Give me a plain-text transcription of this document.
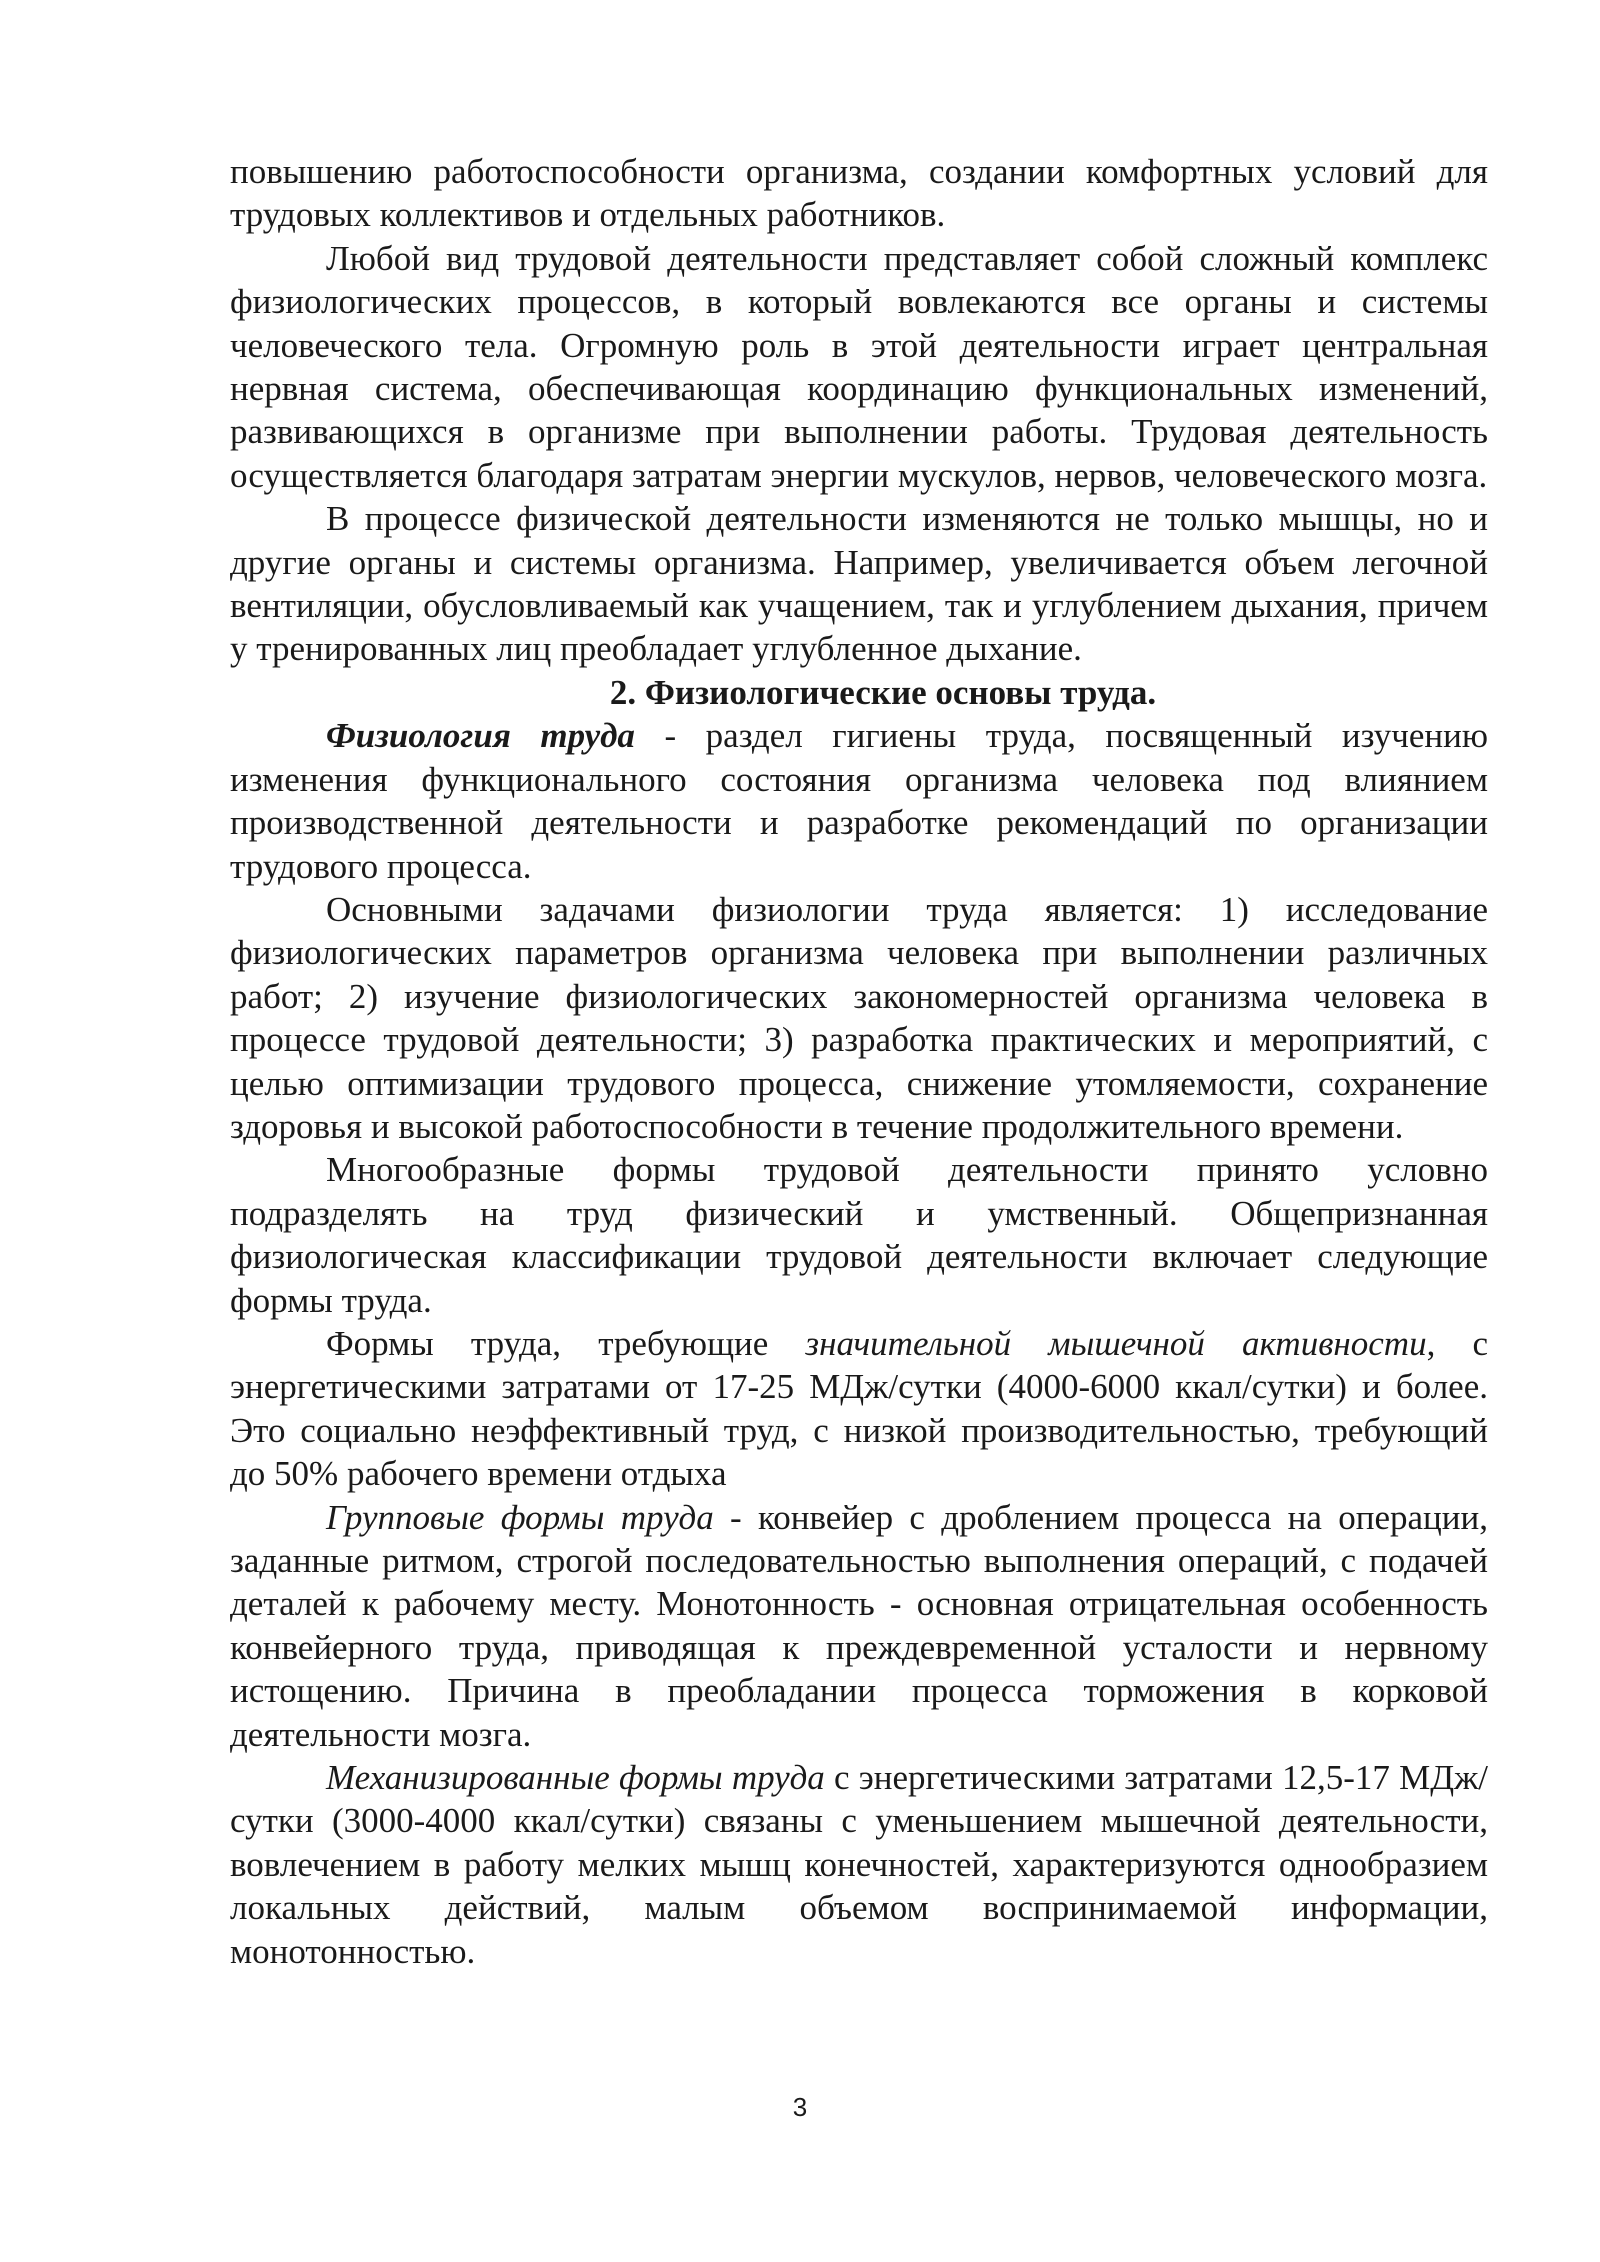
повышению работоспособности организма, создании комфортных условий для трудовых коллективов и отдельных работников.

Любой вид трудовой деятельности представляет собой сложный комплекс физиологических процессов, в который вовлекаются все органы и системы человеческого тела. Огромную роль в этой деятельности играет центральная нервная система, обеспечивающая координацию функциональных изменений, развивающихся в организме при выполнении работы. Трудовая деятельность осуществляется благодаря затратам энергии мускулов, нервов, человеческого мозга.

В процессе физической деятельности изменяются не только мышцы, но и другие органы и системы организма. Например, увеличивается объем легочной вентиляции, обусловливаемый как учащением, так и углублением дыхания, причем у тренированных лиц преобладает углубленное дыхание.

2. Физиологические основы труда.

Физиология труда - раздел гигиены труда, посвященный изучению изменения функционального состояния организма человека под влиянием производственной деятельности и разработке рекомендаций по организации трудового процесса.

Основными задачами физиологии труда является: 1) исследование физиологических параметров организма человека при выполнении различных работ; 2) изучение физиологических закономерностей организма человека в процессе трудовой деятельности; 3) разработка практических и мероприятий, с целью оптимизации трудового процесса, снижение утомляемости, сохранение здоровья и высокой работоспособности в течение продолжительного времени.

Многообразные формы трудовой деятельности принято условно подразделять на труд физический и умственный. Общепризнанная физиологическая классификации трудовой деятельности включает следующие формы труда.

Формы труда, требующие значительной мышечной активности, с энергетическими затратами от 17-25 МДж/сутки (4000-6000 ккал/сутки) и более. Это социально неэффективный труд, с низкой производительностью, требующий до 50% рабочего времени отдыха

Групповые формы труда - конвейер с дроблением процесса на операции, заданные ритмом, строгой последовательностью выполнения операций, с подачей деталей к рабочему месту. Монотонность - основная отрицательная особенность конвейерного труда, приводящая к преждевременной усталости и нервному истощению. Причина в преобладании процесса торможения в корковой деятельности мозга.

Механизированные формы труда с энергетическими затратами 12,5-17 МДж/сутки (3000-4000 ккал/сутки) связаны с уменьшением мышечной деятельности, вовлечением в работу мелких мышц конечностей, характеризуются однообразием локальных действий, малым объемом воспринимаемой информации, монотонностью.

3
